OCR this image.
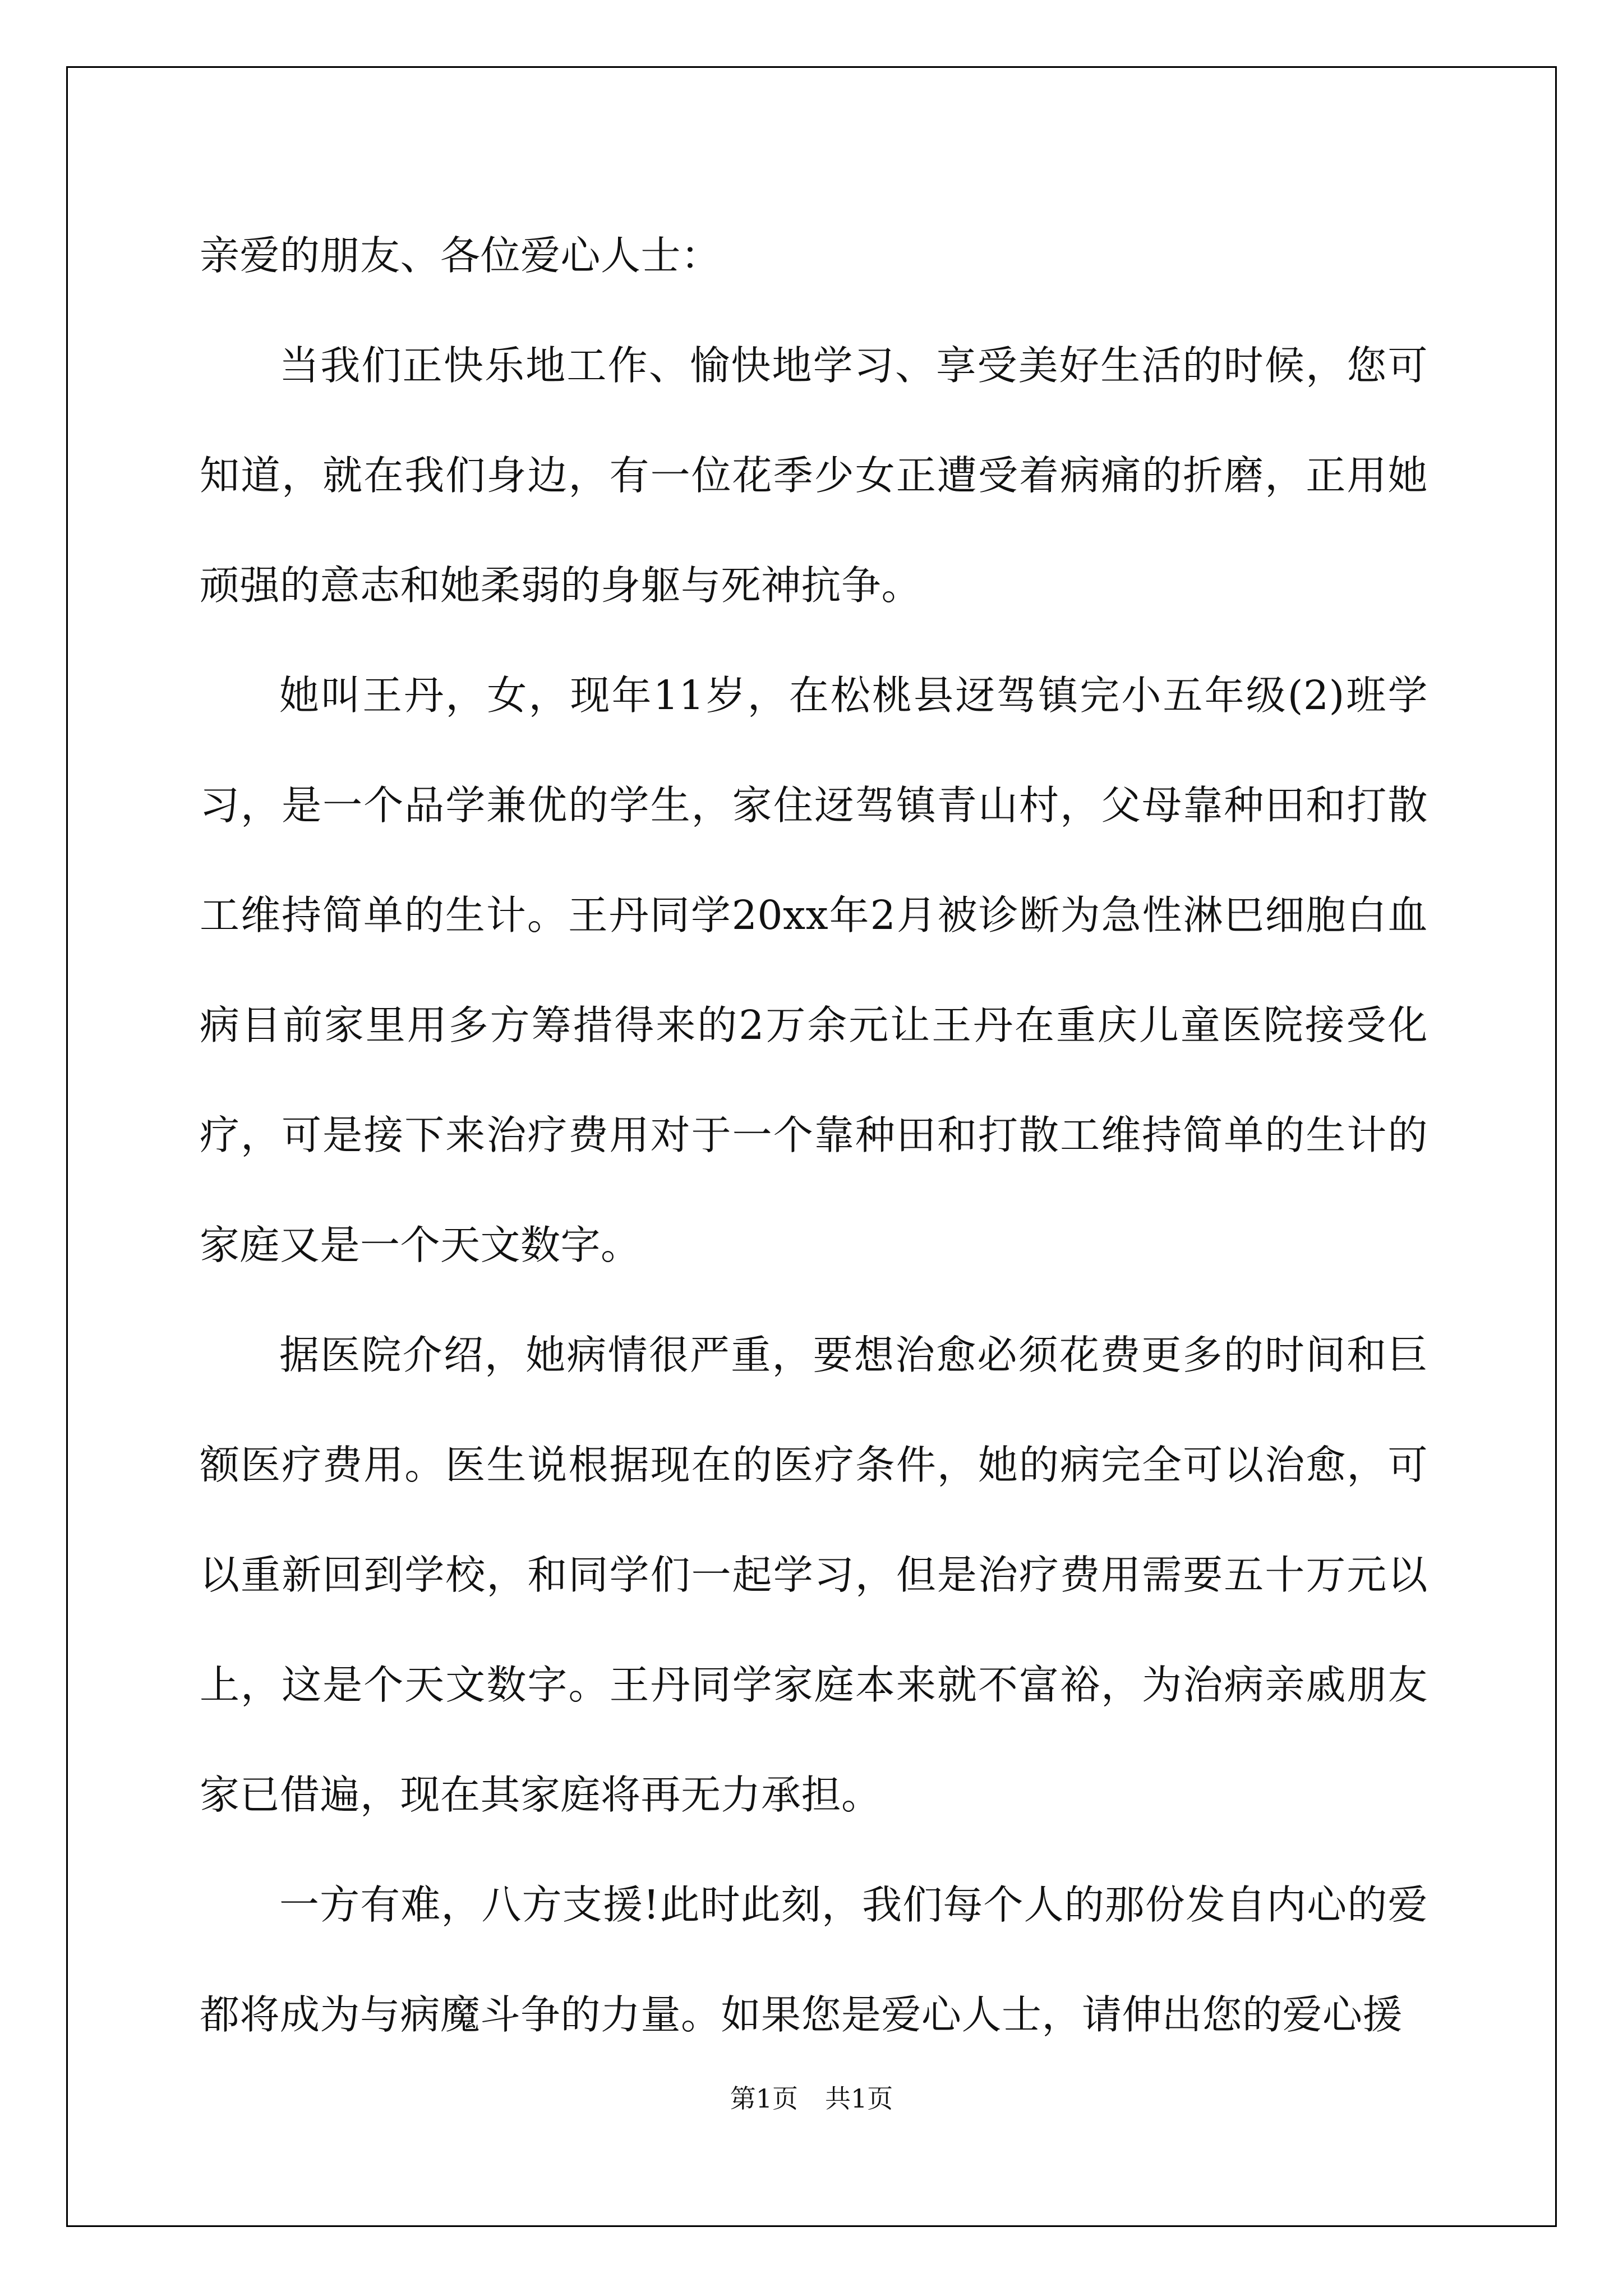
亲爱的朋友、各位爱心人士：

当我们正快乐地工作、愉快地学习、享受美好生活的时候，您可知道，就在我们身边，有一位花季少女正遭受着病痛的折磨，正用她顽强的意志和她柔弱的身躯与死神抗争。

她叫王丹，女，现年11岁，在松桃县迓驾镇完小五年级(2)班学习，是一个品学兼优的学生，家住迓驾镇青山村，父母靠种田和打散工维持简单的生计。王丹同学20xx年2月被诊断为急性淋巴细胞白血病目前家里用多方筹措得来的2万余元让王丹在重庆儿童医院接受化疗，可是接下来治疗费用对于一个靠种田和打散工维持简单的生计的家庭又是一个天文数字。

据医院介绍，她病情很严重，要想治愈必须花费更多的时间和巨额医疗费用。医生说根据现在的医疗条件，她的病完全可以治愈，可以重新回到学校，和同学们一起学习，但是治疗费用需要五十万元以上，这是个天文数字。王丹同学家庭本来就不富裕，为治病亲戚朋友家已借遍，现在其家庭将再无力承担。

一方有难，八方支援!此时此刻，我们每个人的那份发自内心的爱都将成为与病魔斗争的力量。如果您是爱心人士，请伸出您的爱心援

第1页 共1页
